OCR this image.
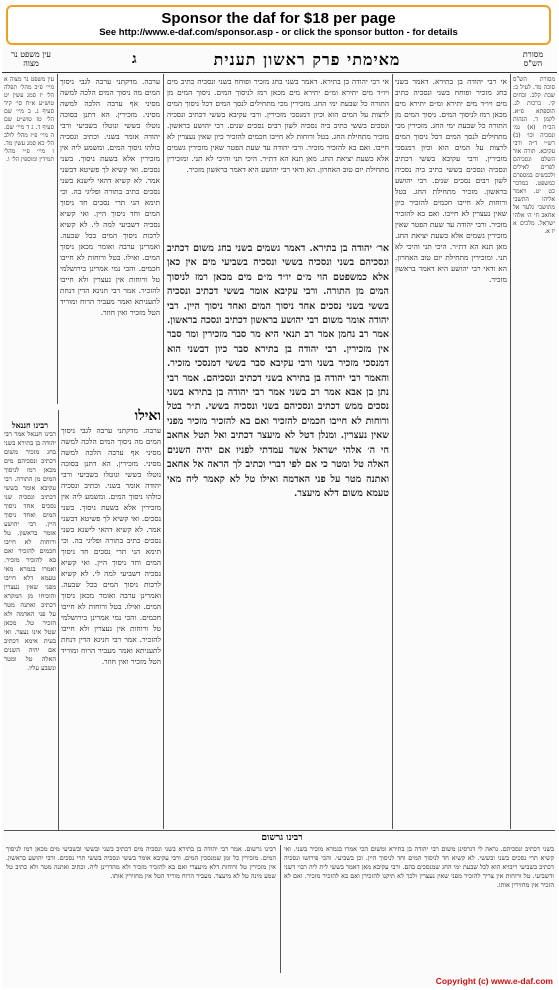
Sponsor the daf for $18 per page
See http://www.e-daf.com/sponsor.asp - or click the sponsor button - for details
עין משפט נר מצוה	ג	מאימתי פרק ראשון תענית	מסורת הש"ס
עין משפט נר מצוה א מיי׳ פ״ב מהל׳ תפלה הל׳ יז סמג עשין יט טוש״ע א״ח סי׳ קיד סעיף ג. ב מיי׳ שם הל׳ טז טוש״ע שם סעיף ד. ג ד מיי׳ שם. ה מיי׳ פ״ז מהל׳ לולב הל׳ כא סמג עשין מד. ו מיי׳ פ״י מהל׳ תמידין ומוספין הל׳ ו.
ערבה. מדקתני ערבה לגבי ניסוך המים מה ניסוך המים הלכה למשה מסיני אף ערבה הלכה למשה מסיני. מזכירין. הא דתנן בסוכה נוטלו בששי ונוטלו בשביעי ורבי יהודה אומר בשני. וכתיב ונסכיה כולהו ניסוך המים. ומשמע ליה אין מזכירין אלא בשעת ניסוך. בשני נסכים. ואי קשיא לך פשיטא דבשני אמר. לא קשיא דהאי לישנא בשני נסכים כתיב בתורה ופליגי בה. וכי תימא הני תרי נסכים חד ניסוך המים וחד ניסוך היין. ואי קשיא נסכיה דשביעי למה לי. לא קשיא לרבות ניסוך המים בכל שבעה. ואמרינן ערבה ואומר מכאן ניסוך המים. ואילו. בטל ורוחות לא חייבו חכמים. והכי נמי אמרינן בירושלמי טל ורוחות אין נעצרין ולא חייבו להזכיר. אמר רבי חנינא הדין דנחת לתעניתא ואמר מעביר הרוח ומוריד הטל מזכיר ואין חוזר.
רבינו חננאל
רבינו חננאל אמר רבי יהודה בן בתירא בשני בחג מזכיר משום דכתיב ונסכיהם מים מכאן רמז לניסוך המים מן התורה. רבי עקיבא אומר בששי דכתיב ונסכיה שני נסכים אחד ניסוך המים ואחד ניסוך היין. רבי יהושע אומר בראשון. טל ורוחות לא חייבו חכמים להזכיר ואם בא להזכיר מזכיר. ואמרו בגמרא מאי טעמא דלא חייבו מפני שאין נעצרין והוכיחו מן המקרא דכתיב ואתנה מטר על פני האדמה ולא הזכיר טל. מכאן שטל אינו נעצר. ואי בעית אימא דכתיב אם יהיה השנים האלה טל ומטר ונשבע עליו.
ואילו
ערבה. מדקתני ערבה לגבי ניסוך המים מה ניסוך המים הלכה למשה מסיני אף ערבה הלכה למשה מסיני. מזכירין. הא דתנן בסוכה נוטלו בששי ונוטלו בשביעי ורבי יהודה אומר בשני. וכתיב ונסכיה כולהו ניסוך המים. ומשמע ליה אין מזכירין אלא בשעת ניסוך. בשני נסכים. ואי קשיא לך פשיטא דבשני אמר. לא קשיא דהאי לישנא בשני נסכים כתיב בתורה ופליגי בה. וכי תימא הני תרי נסכים חד ניסוך המים וחד ניסוך היין. ואי קשיא נסכיה דשביעי למה לי. לא קשיא לרבות ניסוך המים בכל שבעה. ואמרינן ערבה ואומר מכאן ניסוך המים. ואילו. בטל ורוחות לא חייבו חכמים. והכי נמי אמרינן בירושלמי טל ורוחות אין נעצרין ולא חייבו להזכיר. אמר רבי חנינא הדין דנחת לתעניתא ואמר מעביר הרוח ומוריד הטל מזכיר ואין חוזר.
אי רבי יהודה בן בתירא. דאמר בשני בחג מזכיר ופוחח בשני ונסכיה כתיב מים ויו״ד מים יתירא ומ״ם יתירא מים מכאן רמז לניסוך המים. ניסוך המים מן התורה כל שבעת ימי החג. מזכירין מכי מתחילים לנסך המים דכל ניסוך המים לרצות על המים הוא וכיון דמנסכי מזכירין. ורבי עקיבא בששי דכתיב ונסכיה ונסכים בששי כתיב ביה נסכיה לשון רבים נסכים שנים. רבי יהושע בראשון. מזכיר מתחילת החג. בטל ורוחות לא חייבו חכמים להזכיר כיון שאין נעצרין לא חייבו. ואם בא להזכיר מזכיר. ורבי יהודה עד שעת הפטר שאין מזכירין גשמים אלא כשעת יציאת החג. מאן תנא הא דת״ר. היכי תני והיכי לא תני. ומזכירין מתחילת יום טוב האחרון. הא ודאי רבי יהושע היא דאמר בראשון מזכיר.
אר׳ יהודה בן בתירא. דאמר גשמים בשני בחג משום דכתיב ונסכיהם בשני ונסכיה בששי ונסכיה בשביעי מים אין כאן אלא כמשפטם הוי מ״ם יו״ד מ״ם מים מכאן רמז לניסוך המים מן התורה. ורבי עקיבא אומר בששי דכתיב ונסכיה בששי בשני נסכים אחד ניסוך המים ואחד ניסוך היין. רבי יהודה אומר משום רבי יהושע בראשון דכתיב ונסכה בראשון. אמר רב נחמן אמר רב תנאי היא מר סבר מזכירין ומר סבר אין מזכירין. רבי יהודה בן בתירא סבר כיון דבשני הוא דמנסכי מזכיר בשני ורבי עקיבא סבר בששי דמנסכי מזכיר. והאמר רבי יהודה בן בתירא בשני דכתיב ונסכיהם. אמר רבי נתן בן אבא אמר רב בשני אמר רבי יהודה בן בתירא בשני נסכים ממש דכתיב ונסכיהם בשני ונסכיה בששי. ת״ר בטל ורוחות לא חייבו חכמים להזכיר ואם בא להזכיר מזכיר מפני שאין נעצרין. ומנלן דטל לא מיעצר דכתיב ואל תטל אחאב חי ה׳ אלהי ישראל אשר עמדתי לפניו אם יהיה השנים האלה טל ומטר כי אם לפי דברי וכתיב לך הראה אל אחאב ואתנה מטר על פני האדמה ואילו טל לא קאמר ליה מאי טעמא משום דלא מיעצר.
אי רבי יהודה בן בתירא. דאמר בשני בחג מזכיר ופוחח בשני ונסכיה כתיב מים ויו״ד מים יתירא ומ״ם יתירא מים מכאן רמז לניסוך המים. ניסוך המים מן התורה כל שבעת ימי החג. מזכירין מכי מתחילים לנסך המים דכל ניסוך המים לרצות על המים הוא וכיון דמנסכי מזכירין. ורבי עקיבא בששי דכתיב ונסכיה ונסכים בששי כתיב ביה נסכיה לשון רבים נסכים שנים. רבי יהושע בראשון. מזכיר מתחילת החג. בטל ורוחות לא חייבו חכמים להזכיר כיון שאין נעצרין לא חייבו. ואם בא להזכיר מזכיר. ורבי יהודה עד שעת הפטר שאין מזכירין גשמים אלא כשעת יציאת החג. מאן תנא הא דת״ר. היכי תני והיכי לא תני. ומזכירין מתחילת יום טוב האחרון. הא ודאי רבי יהושע היא דאמר בראשון מזכיר.
מסורת הש"ס סוכה מד. לעיל ב: שבת קלב. זבחים קי. ברכות לג. תוספתא פ״א. לקמן ד. הגהות הב״ח (א) גמ׳ ונסכיה וכו׳ (ב) רש״י ד״ה ורבי עקיבא. תורה אור השלם ונסכיהם לפרים לאילים ולכבשים במספרם כמשפט. במדבר כט יט. ויאמר אליהו התשבי מתושבי גלעד אל אחאב חי ה׳ אלהי ישראל. מלכים א יז א.
רבינו גרשום
בשני דכתיב ונסכיהם. נראה לי דגרסינן משום רבי יהודה בן בתירא ומשום הכי אמרו בגמרא מזכיר בשני. ואי קשיא תרי נסכים בשני ובששי. לא קשיא חד לניסוך המים וחד לניסוך היין. וכן בשביעי. והכי פירושו ונסכיה דכתיב בשביעי ריבויא הוא לכל שבעת ימי החג שמנסכים בהם. ורבי עקיבא מאן דאמר בששי לית ליה רבוי דשני ודשביעי. טל ורוחות אין צריך להזכיר מפני שאין נעצרין ולכך לא תיקנו להזכירן ואם בא להזכיר מזכיר. ואם לא הזכיר אין מחזירין אותו.
רבינו גרשום. אמר רבי יהודה בן בתירא בשני ונסכיה מים דכתיב בשני ובששי ובשביעי מים מכאן רמז לניסוך המים. מזכירין כל זמן שמנסכין המים. ורבי עקיבא אומר בששי ונסכיה בששי תרי נסכים. ורבי יהושע בראשון. אין מזכירין טל ורוחות דלא מיעצרי ואם בא להזכיר מזכיר ולא מהדרינן ליה. וכתיב ואתנה מטר ולא כתיב טל שמע מינה טל לא מיעצר. מעביר הרוח מוריד הטל אין מחזירין אותו.
Copyright (c) www.e-daf.com
